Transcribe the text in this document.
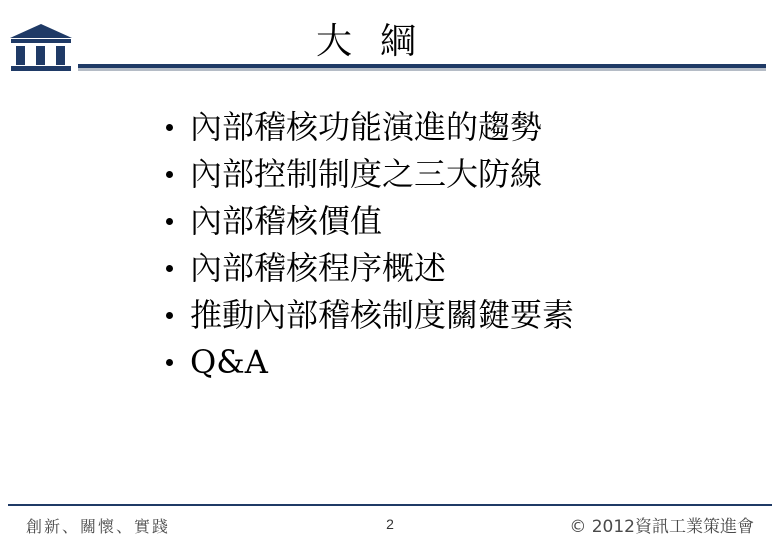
大綱
內部稽核功能演進的趨勢
內部控制制度之三大防線
內部稽核價值
內部稽核程序概述
推動內部稽核制度關鍵要素
Q&A
創新、關懷、實踐	2	© 2012資訊工業策進會
